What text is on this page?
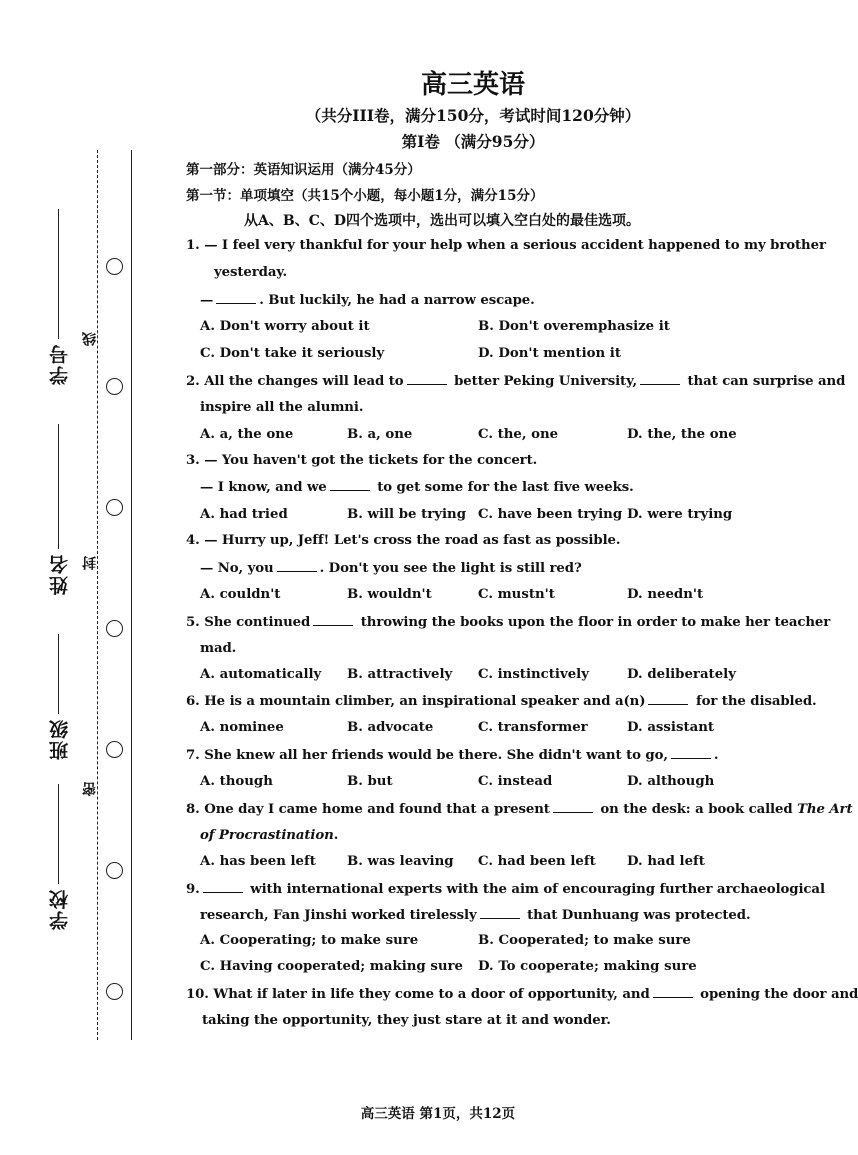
学号
姓名
班级
学校
线
封
密
高三英语
（共分III卷，满分150分，考试时间120分钟）
第I卷 （满分95分）
第一部分：英语知识运用（满分45分）
第一节：单项填空（共15个小题，每小题1分，满分15分）
从A、B、C、D四个选项中，选出可以填入空白处的最佳选项。
1. — I feel very thankful for your help when a serious accident happened to my brother
yesterday.
—	. But luckily, he had a narrow escape.
A. Don't worry about it	B. Don't overemphasize it
C. Don't take it seriously	D. Don't mention it
2. All the changes will lead to	better Peking University,	that can surprise and
inspire all the alumni.
A. a, the one	B. a, one	C. the, one	D. the, the one
3. — You haven't got the tickets for the concert.
— I know, and we	to get some for the last five weeks.
A. had tried	B. will be trying C. have been trying D. were trying
4. — Hurry up, Jeff! Let's cross the road as fast as possible.
— No, you	. Don't you see the light is still red?
A. couldn't	B. wouldn't	C. mustn't	D. needn't
5. She continued	throwing the books upon the floor in order to make her teacher
mad.
A. automatically B. attractively C. instinctively	D. deliberately
6. He is a mountain climber, an inspirational speaker and a(n)	for the disabled.
A. nominee	B. advocate	C. transformer	D. assistant
7. She knew all her friends would be there. She didn't want to go,	.
A. though	B. but	C. instead	D. although
8. One day I came home and found that a present	on the desk: a book called The Art
of Procrastination.
A. has been left B. was leaving C. had been left D. had left
9.	with international experts with the aim of encouraging further archaeological
research, Fan Jinshi worked tirelessly	that Dunhuang was protected.
A. Cooperating; to make sure	B. Cooperated; to make sure
C. Having cooperated; making sure D. To cooperate; making sure
10. What if later in life they come to a door of opportunity, and	opening the door and
taking the opportunity, they just stare at it and wonder.
高三英语 第1页，共12页
